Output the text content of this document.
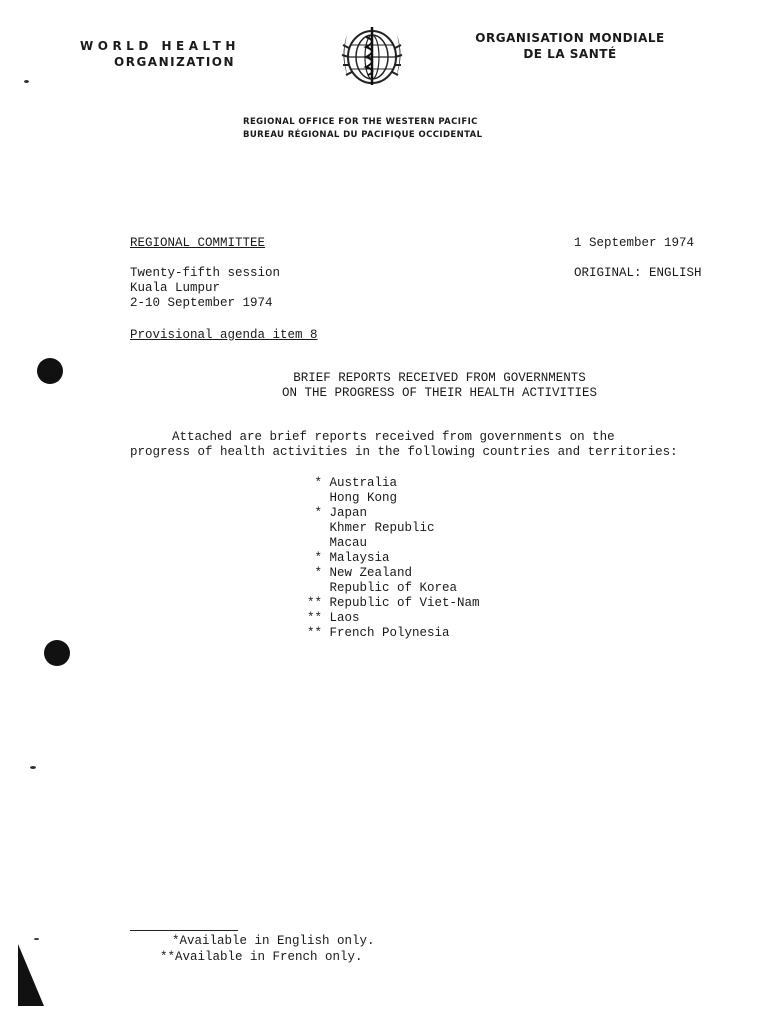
WORLD HEALTH
ORGANIZATION
ORGANISATION MONDIALE
DE LA SANTÉ
REGIONAL OFFICE FOR THE WESTERN PACIFIC
BUREAU RÉGIONAL DU PACIFIQUE OCCIDENTAL
REGIONAL COMMITTEE	1 September 1974
Twenty-fifth session
Kuala Lumpur
2-10 September 1974
ORIGINAL: ENGLISH
Provisional agenda item 8
BRIEF REPORTS RECEIVED FROM GOVERNMENTS
ON THE PROGRESS OF THEIR HEALTH ACTIVITIES
Attached are brief reports received from governments on the
progress of health activities in the following countries and territories:
* Australia
Hong Kong
* Japan
Khmer Republic
Macau
* Malaysia
* New Zealand
Republic of Korea
** Republic of Viet-Nam
** Laos
** French Polynesia
*Available in English only.
**Available in French only.
